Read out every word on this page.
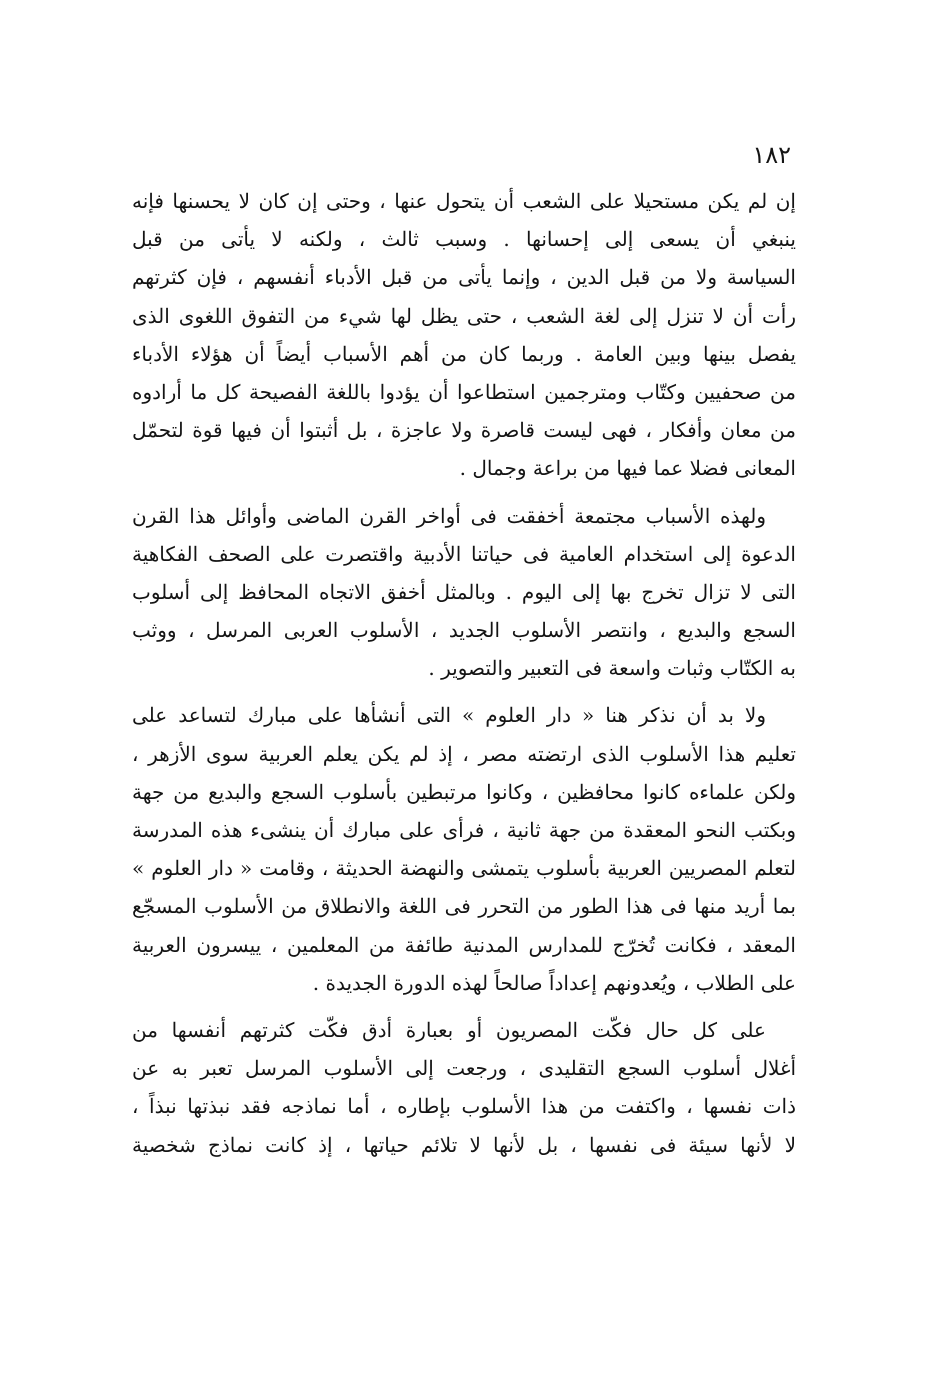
١٨٢
إن لم يكن مستحيلا على الشعب أن يتحول عنها ، وحتى إن كان لا يحسنها فإنه
ينبغي أن يسعى إلى إحسانها . وسبب ثالث ، ولكنه لا يأتى من قبل
السياسة ولا من قبل الدين ، وإنما يأتى من قبل الأدباء أنفسهم ، فإن كثرتهم
رأت أن لا تنزل إلى لغة الشعب ، حتى يظل لها شيء من التفوق اللغوى الذى
يفصل بينها وبين العامة . وربما كان من أهم الأسباب أيضاً أن هؤلاء الأدباء
من صحفيين وكتّاب ومترجمين استطاعوا أن يؤدوا باللغة الفصيحة كل ما أرادوه
من معان وأفكار ، فهى ليست قاصرة ولا عاجزة ، بل أثبتوا أن فيها قوة لتحمّل
المعانى فضلا عما فيها من براعة وجمال .
ولهذه الأسباب مجتمعة أخفقت فى أواخر القرن الماضى وأوائل هذا القرن
الدعوة إلى استخدام العامية فى حياتنا الأدبية واقتصرت على الصحف الفكاهية
التى لا تزال تخرج بها إلى اليوم . وبالمثل أخفق الاتجاه المحافظ إلى أسلوب
السجع والبديع ، وانتصر الأسلوب الجديد ، الأسلوب العربى المرسل ، ووثب
به الكتّاب وثبات واسعة فى التعبير والتصوير .
ولا بد أن نذكر هنا « دار العلوم » التى أنشأها على مبارك لتساعد على
تعليم هذا الأسلوب الذى ارتضته مصر ، إذ لم يكن يعلم العربية سوى الأزهر ،
ولكن علماءه كانوا محافظين ، وكانوا مرتبطين بأسلوب السجع والبديع من جهة
وبكتب النحو المعقدة من جهة ثانية ، فرأى على مبارك أن ينشىء هذه المدرسة
لتعلم المصريين العربية بأسلوب يتمشى والنهضة الحديثة ، وقامت « دار العلوم »
بما أريد منها فى هذا الطور من التحرر فى اللغة والانطلاق من الأسلوب المسجّع
المعقد ، فكانت تُخرّج للمدارس المدنية طائفة من المعلمين ، ييسرون العربية
على الطلاب ، ويُعدونهم إعداداً صالحاً لهذه الدورة الجديدة .
على كل حال فكّت المصريون أو بعبارة أدق فكّت كثرتهم أنفسها من
أغلال أسلوب السجع التقليدى ، ورجعت إلى الأسلوب المرسل تعبر به عن
ذات نفسها ، واكتفت من هذا الأسلوب بإطاره ، أما نماذجه فقد نبذتها نبذاً ،
لا لأنها سيئة فى نفسها ، بل لأنها لا تلائم حياتها ، إذ كانت نماذج شخصية
